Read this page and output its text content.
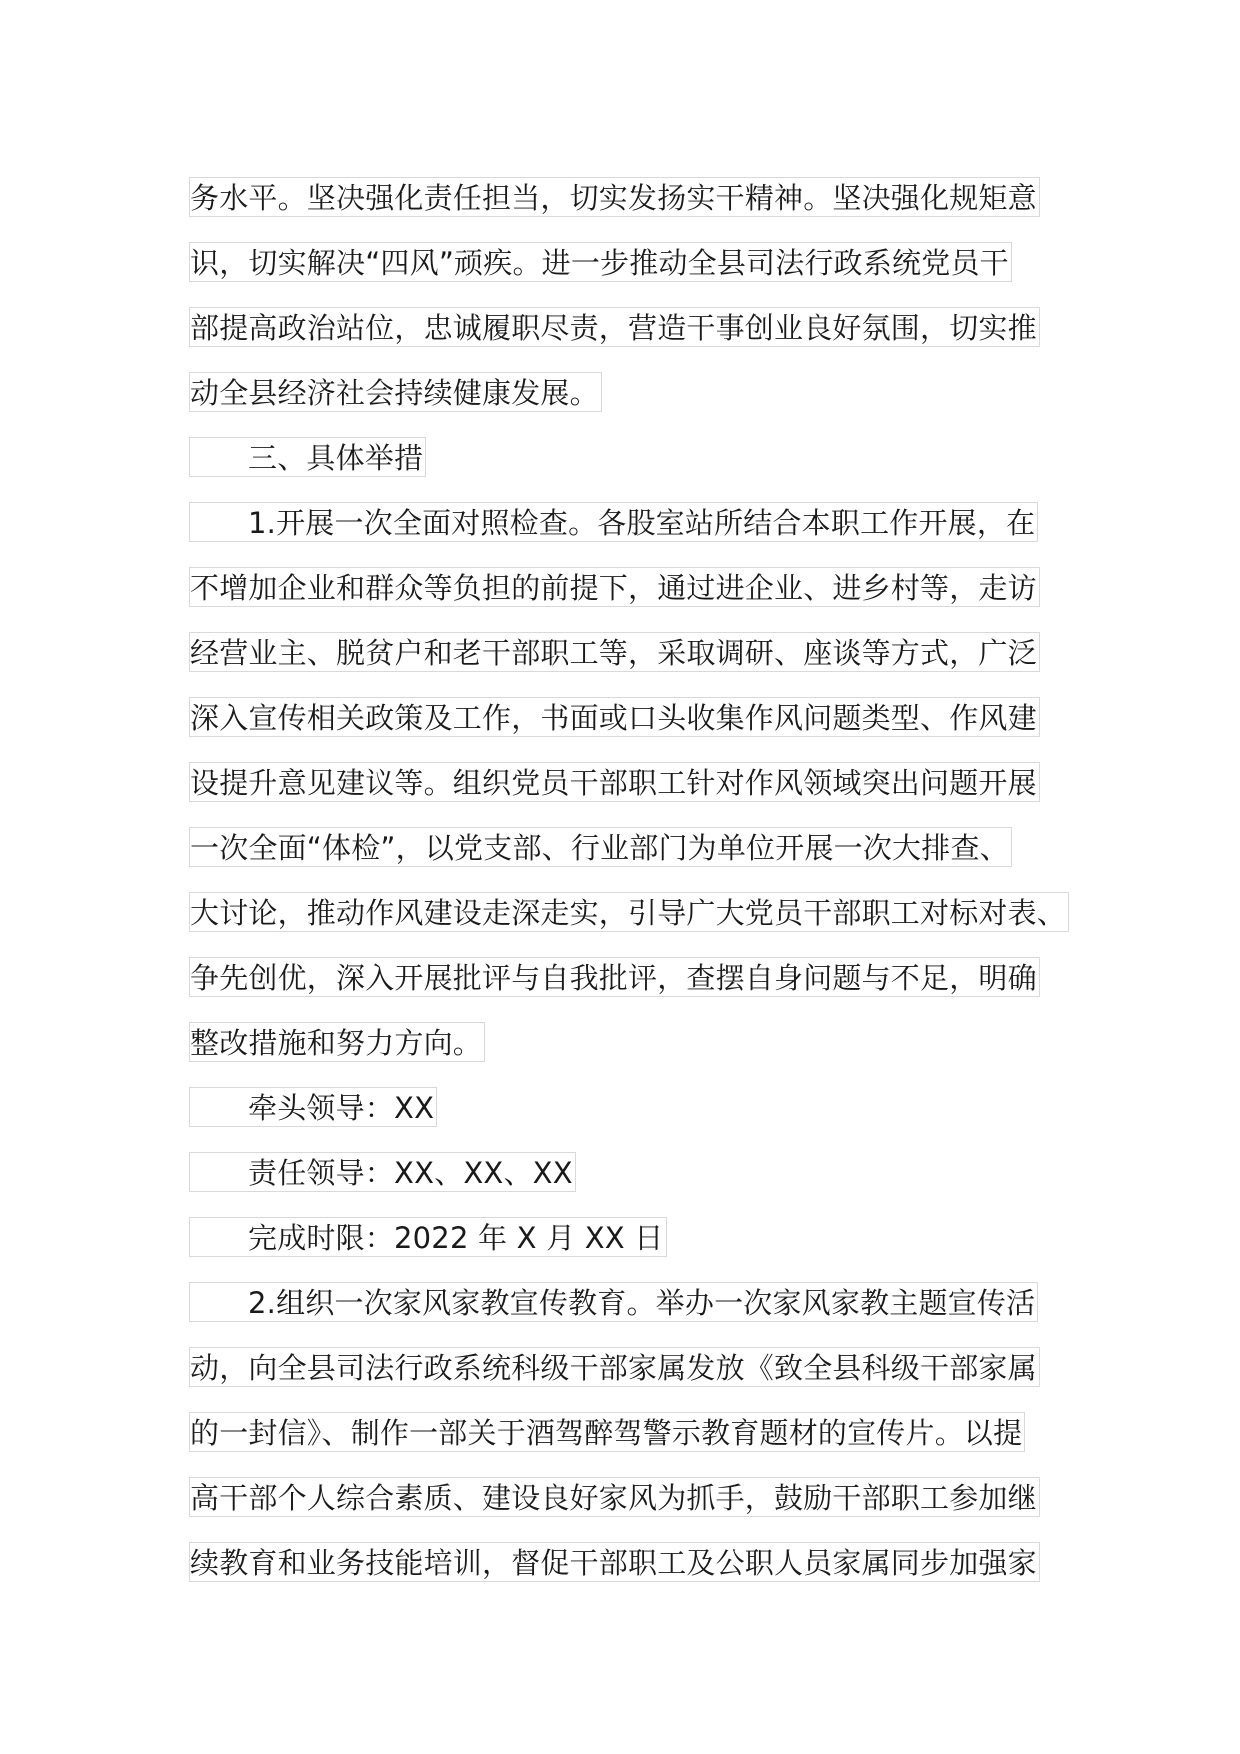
务水平。坚决强化责任担当，切实发扬实干精神。坚决强化规矩意
识，切实解决“四风”顽疾。进一步推动全县司法行政系统党员干
部提高政治站位，忠诚履职尽责，营造干事创业良好氛围，切实推
动全县经济社会持续健康发展。
三、具体举措
1.开展一次全面对照检查。各股室站所结合本职工作开展，在
不增加企业和群众等负担的前提下，通过进企业、进乡村等，走访
经营业主、脱贫户和老干部职工等，采取调研、座谈等方式，广泛
深入宣传相关政策及工作，书面或口头收集作风问题类型、作风建
设提升意见建议等。组织党员干部职工针对作风领域突出问题开展
一次全面“体检”，以党支部、行业部门为单位开展一次大排查、
大讨论，推动作风建设走深走实，引导广大党员干部职工对标对表、
争先创优，深入开展批评与自我批评，查摆自身问题与不足，明确
整改措施和努力方向。
牵头领导：XX
责任领导：XX、XX、XX
完成时限：2022 年 X 月 XX 日
2.组织一次家风家教宣传教育。举办一次家风家教主题宣传活
动，向全县司法行政系统科级干部家属发放《致全县科级干部家属
的一封信》、制作一部关于酒驾醉驾警示教育题材的宣传片。以提
高干部个人综合素质、建设良好家风为抓手，鼓励干部职工参加继
续教育和业务技能培训，督促干部职工及公职人员家属同步加强家
